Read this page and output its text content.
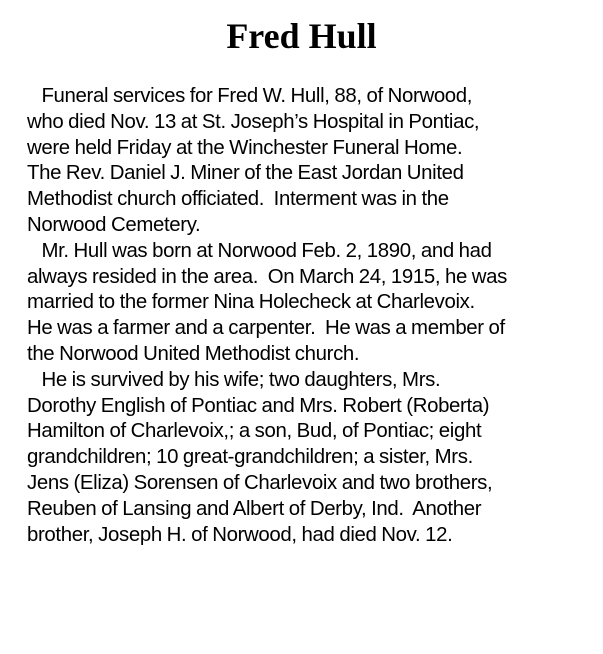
Fred Hull
Funeral services for Fred W. Hull, 88, of Norwood,
who died Nov. 13 at St. Joseph’s Hospital in Pontiac,
were held Friday at the Winchester Funeral Home.
The Rev. Daniel J. Miner of the East Jordan United
Methodist church officiated.  Interment was in the
Norwood Cemetery.
Mr. Hull was born at Norwood Feb. 2, 1890, and had
always resided in the area.  On March 24, 1915, he was
married to the former Nina Holecheck at Charlevoix.
He was a farmer and a carpenter.  He was a member of
the Norwood United Methodist church.
He is survived by his wife; two daughters, Mrs.
Dorothy English of Pontiac and Mrs. Robert (Roberta)
Hamilton of Charlevoix,; a son, Bud, of Pontiac; eight
grandchildren; 10 great-grandchildren; a sister, Mrs.
Jens (Eliza) Sorensen of Charlevoix and two brothers,
Reuben of Lansing and Albert of Derby, Ind.  Another
brother, Joseph H. of Norwood, had died Nov. 12.
